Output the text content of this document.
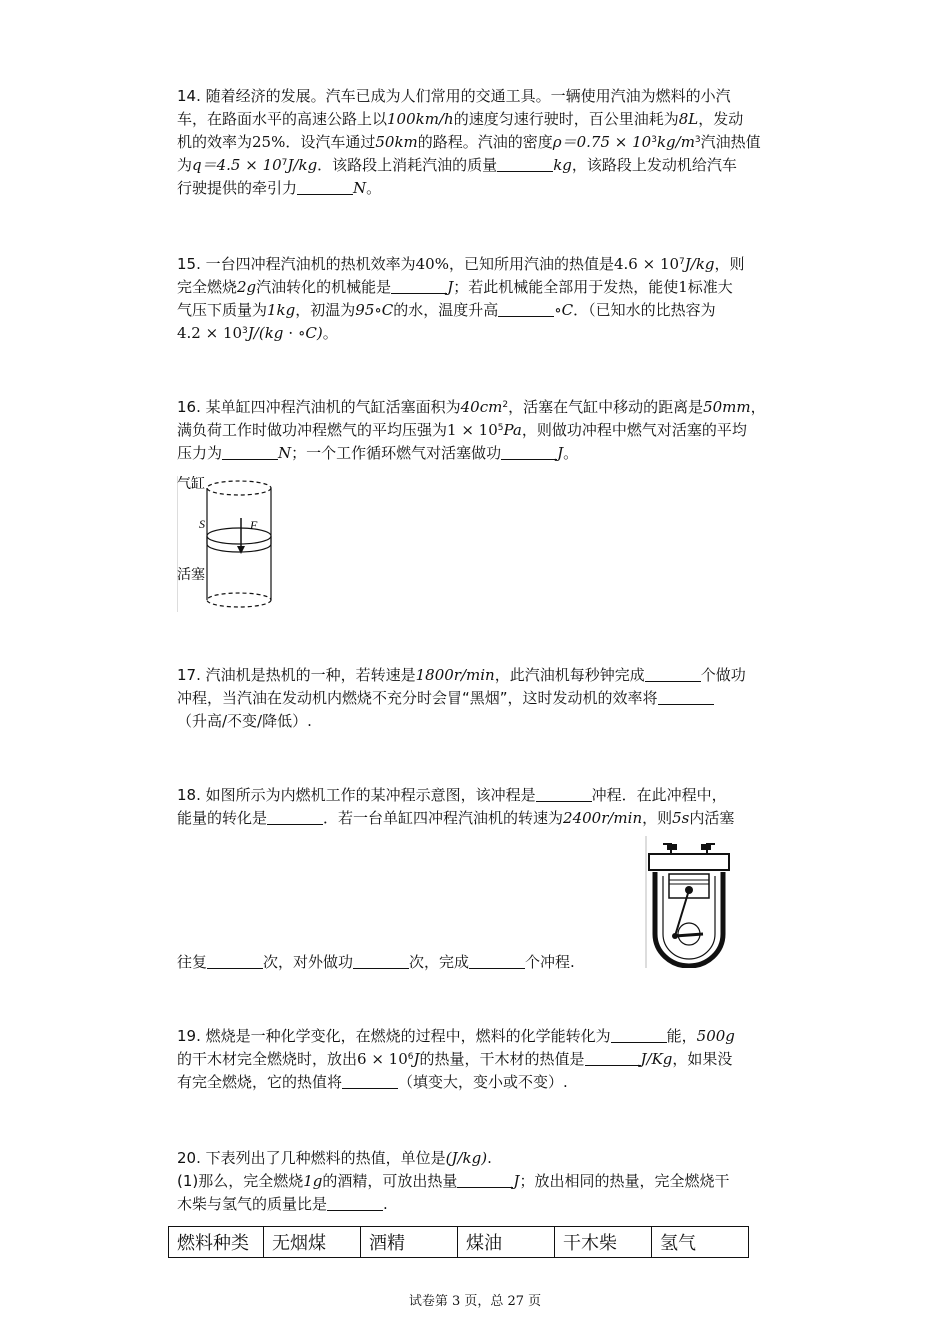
14. 随着经济的发展。汽车已成为人们常用的交通工具。一辆使用汽油为燃料的小汽

车，在路面水平的高速公路上以100km/h的速度匀速行驶时，百公里油耗为8L，发动

机的效率为25%．设汽车通过50km的路程。汽油的密度$\rho=0.75 \times 10^3kg/m^3$汽油热值

为$q=4.5 \times 10^7J/kg$．该路段上消耗汽油的质量	kg，该路段上发动机给汽车

行驶提供的牵引力	N。

15. 一台四冲程汽油机的热机效率为40%，已知所用汽油的热值是$4.6 \times 10^7J/kg$，则

完全燃烧2g汽油转化的机械能是	J；若此机械能全部用于发热，能使1标准大

气压下质量为1kg，初温为95∘C的水，温度升高	∘C．（已知水的比热容为

$4.2 \times 10^3J/(kg$ ⋅ ∘C)。

16. 某单缸四冲程汽油机的气缸活塞面积为$40cm^2$，活塞在气缸中移动的距离是50mm，

满负荷工作时做功冲程燃气的平均压强为$1 \times 10^5Pa$，则做功冲程中燃气对活塞的平均

压力为	N；一个工作循环燃气对活塞做功	J。

气缸
S	F
活塞

17. 汽油机是热机的一种，若转速是1800r/min，此汽油机每秒钟完成	个做功

冲程，当汽油在发动机内燃烧不充分时会冒“黑烟”，这时发动机的效率将

（升高/不变/降低）.

18. 如图所示为内燃机工作的某冲程示意图，该冲程是	冲程．在此冲程中，

能量的转化是	．若一台单缸四冲程汽油机的转速为2400r/min，则5s内活塞

往复	次，对外做功	次，完成	个冲程.

19. 燃烧是一种化学变化，在燃烧的过程中，燃料的化学能转化为	能，500g

的干木材完全燃烧时，放出$6 \times 10^6J$的热量，干木材的热值是	J/Kg，如果没

有完全燃烧，它的热值将	（填变大，变小或不变）.

20. 下表列出了几种燃料的热值，单位是(J/kg).

(1)那么，完全燃烧1g的酒精，可放出热量	J；放出相同的热量，完全燃烧干

木柴与氢气的质量比是	.

燃料种类	无烟煤	酒精	煤油	干木柴	氢气
试卷第 3 页，总 27 页
